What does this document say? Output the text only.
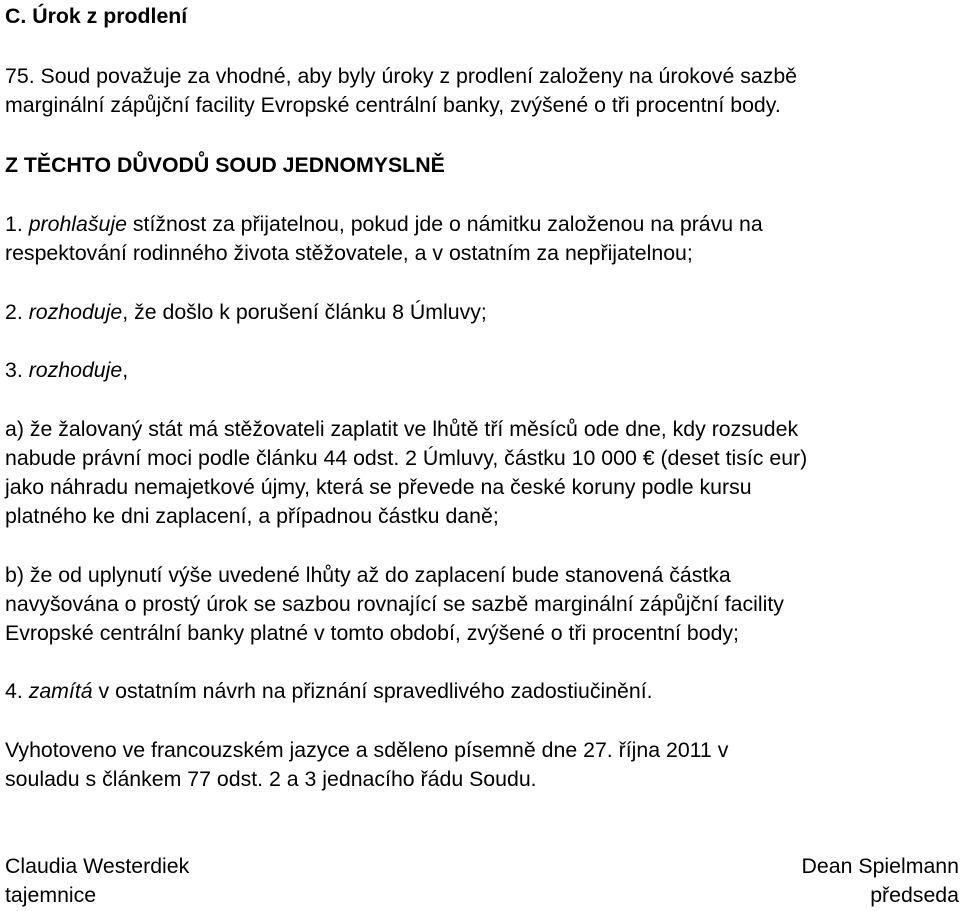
C. Úrok z prodlení
75. Soud považuje za vhodné, aby byly úroky z prodlení založeny na úrokové sazbě
marginální zápůjční facility Evropské centrální banky, zvýšené o tři procentní body.
Z TĚCHTO DŮVODŮ SOUD JEDNOMYSLNĚ
1. prohlašuje stížnost za přijatelnou, pokud jde o námitku založenou na právu na
respektování rodinného života stěžovatele, a v ostatním za nepřijatelnou;
2. rozhoduje, že došlo k porušení článku 8 Úmluvy;
3. rozhoduje,
a) že žalovaný stát má stěžovateli zaplatit ve lhůtě tří měsíců ode dne, kdy rozsudek
nabude právní moci podle článku 44 odst. 2 Úmluvy, částku 10 000 € (deset tisíc eur)
jako náhradu nemajetkové újmy, která se převede na české koruny podle kursu
platného ke dni zaplacení, a případnou částku daně;
b) že od uplynutí výše uvedené lhůty až do zaplacení bude stanovená částka
navyšována o prostý úrok se sazbou rovnající se sazbě marginální zápůjční facility
Evropské centrální banky platné v tomto období, zvýšené o tři procentní body;
4. zamítá v ostatním návrh na přiznání spravedlivého zadostiučinění.
Vyhotoveno ve francouzském jazyce a sděleno písemně dne 27. října 2011 v
souladu s článkem 77 odst. 2 a 3 jednacího řádu Soudu.
Claudia Westerdiek
tajemnice
Dean Spielmann
předseda
